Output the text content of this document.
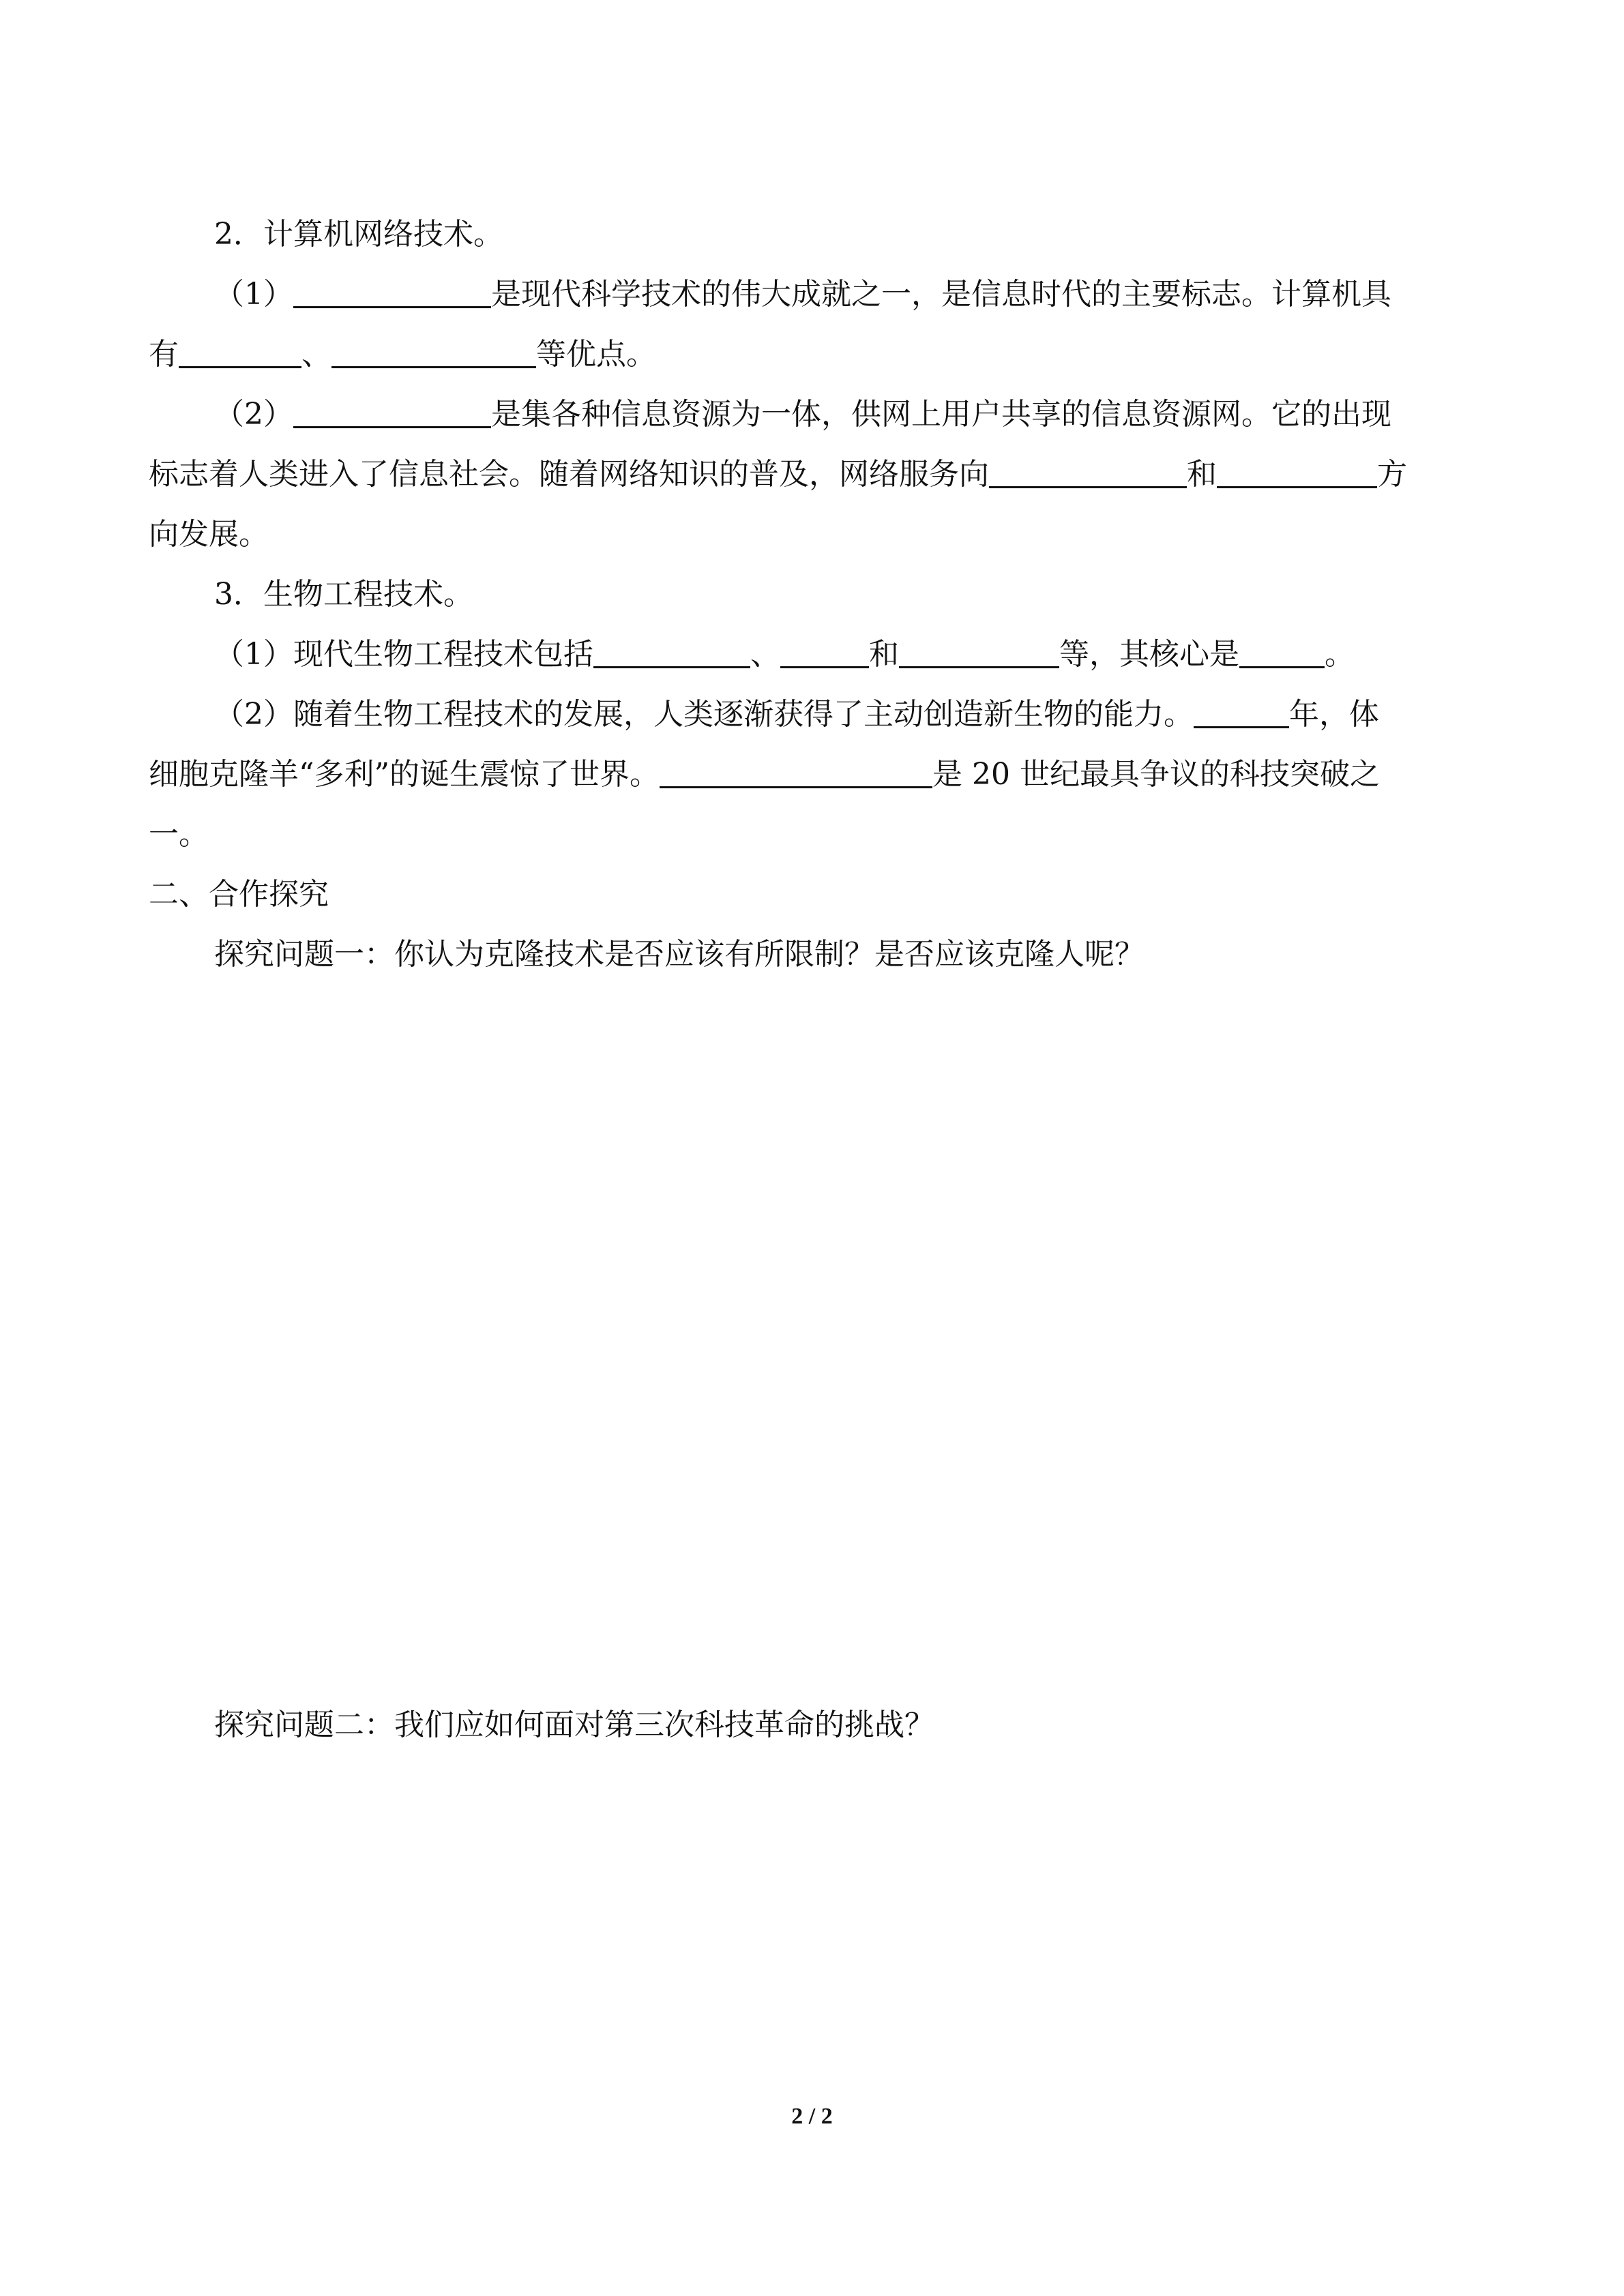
2．计算机网络技术。

（1）	是现代科学技术的伟大成就之一，是信息时代的主要标志。计算机具
有	、	等优点。

（2）	是集各种信息资源为一体，供网上用户共享的信息资源网。它的出现
标志着人类进入了信息社会。随着网络知识的普及，网络服务向	和	方
向发展。

3．生物工程技术。

（1）现代生物工程技术包括	、	和	等，其核心是	。

（2）随着生物工程技术的发展，人类逐渐获得了主动创造新生物的能力。	年，体
细胞克隆羊“多利”的诞生震惊了世界。	是 20 世纪最具争议的科技突破之
一。

二、合作探究

探究问题一：你认为克隆技术是否应该有所限制？是否应该克隆人呢？

探究问题二：我们应如何面对第三次科技革命的挑战？

2 / 2
